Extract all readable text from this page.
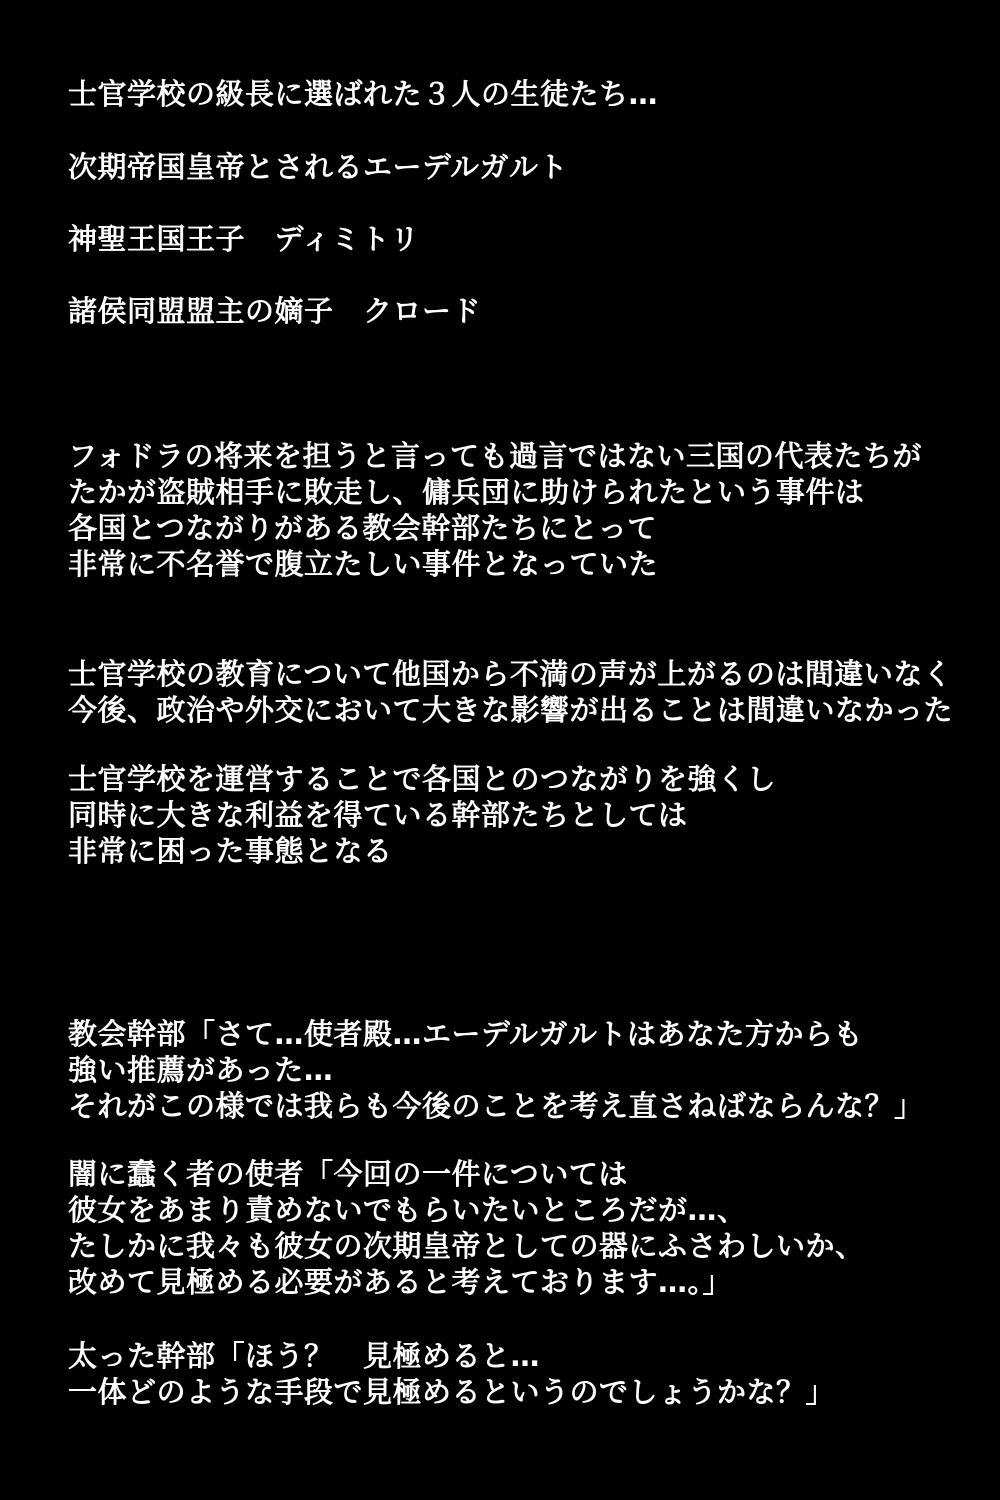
士官学校の級長に選ばれた３人の生徒たち…
次期帝国皇帝とされるエーデルガルト
神聖王国王子　ディミトリ
諸侯同盟盟主の嫡子　クロード
フォドラの将来を担うと言っても過言ではない三国の代表たちが
たかが盗賊相手に敗走し、傭兵団に助けられたという事件は
各国とつながりがある教会幹部たちにとって
非常に不名誉で腹立たしい事件となっていた
士官学校の教育について他国から不満の声が上がるのは間違いなく
今後、政治や外交において大きな影響が出ることは間違いなかった
士官学校を運営することで各国とのつながりを強くし
同時に大きな利益を得ている幹部たちとしては
非常に困った事態となる
教会幹部「さて…使者殿…エーデルガルトはあなた方からも
強い推薦があった…
それがこの様では我らも今後のことを考え直さねばならんな？」
闇に蠢く者の使者「今回の一件については
彼女をあまり責めないでもらいたいところだが…、
たしかに我々も彼女の次期皇帝としての器にふさわしいか、
改めて見極める必要があると考えております…。」
太った幹部「ほう？　見極めると…
一体どのような手段で見極めるというのでしょうかな？」
